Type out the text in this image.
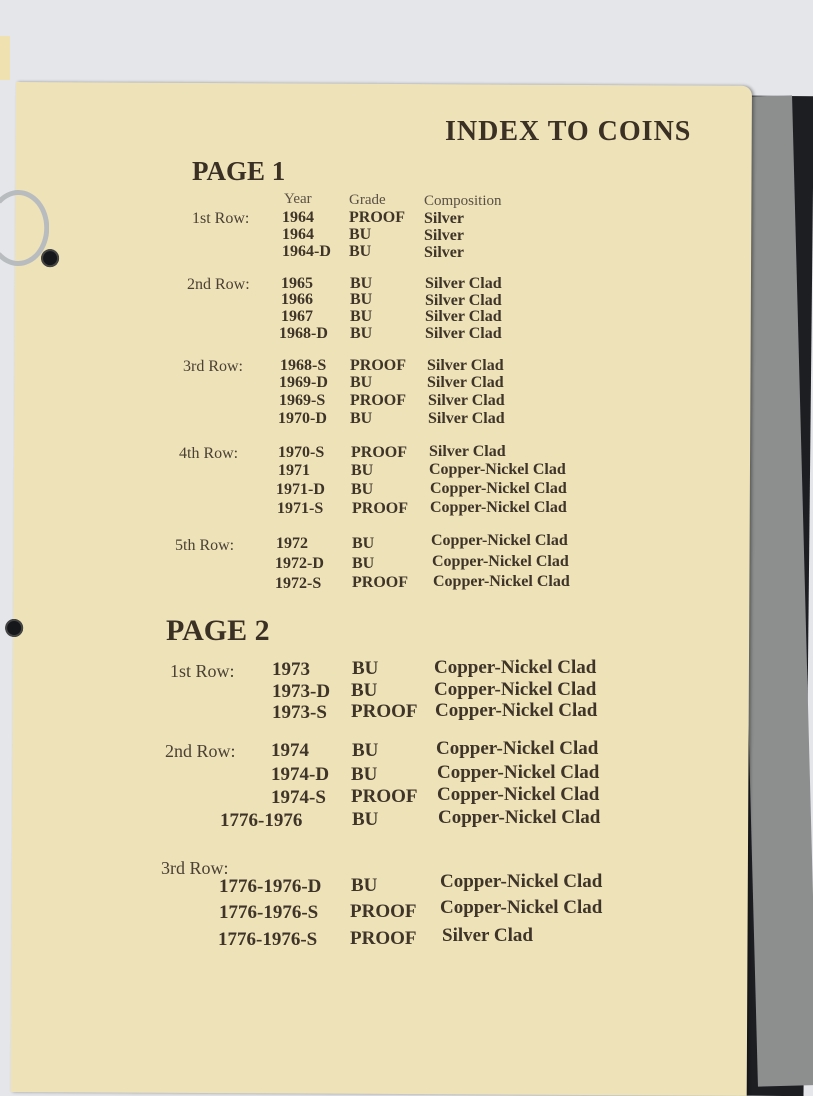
INDEX TO COINS
PAGE 1
Year Grade	Composition
1st Row: 1964 PROOF Silver
1964 BU	Silver
1964-D BU	Silver
2nd Row: 1965 BU	Silver Clad
1966 BU	Silver Clad
1967 BU	Silver Clad
1968-D BU	Silver Clad
3rd Row: 1968-S PROOF Silver Clad
1969-D BU	Silver Clad
1969-S PROOF Silver Clad
1970-D BU	Silver Clad
4th Row: 1970-S PROOF Silver Clad
1971	BU	Copper-Nickel Clad
1971-D BU	Copper-Nickel Clad
1971-S PROOF Copper-Nickel Clad
5th Row:	1972	BU	Copper-Nickel Clad
1972-D BU	Copper-Nickel Clad
1972-S PROOF Copper-Nickel Clad
PAGE 2
1st Row: 1973 BU	Copper-Nickel Clad
1973-D BU	Copper-Nickel Clad
1973-S PROOF Copper-Nickel Clad
2nd Row: 1974 BU	Copper-Nickel Clad
1974-D BU	Copper-Nickel Clad
1974-S PROOF Copper-Nickel Clad
1776-1976	BU	Copper-Nickel Clad
3rd Row:
1776-1976-D BU	Copper-Nickel Clad
1776-1976-S PROOF Copper-Nickel Clad
1776-1976-S PROOF Silver Clad
